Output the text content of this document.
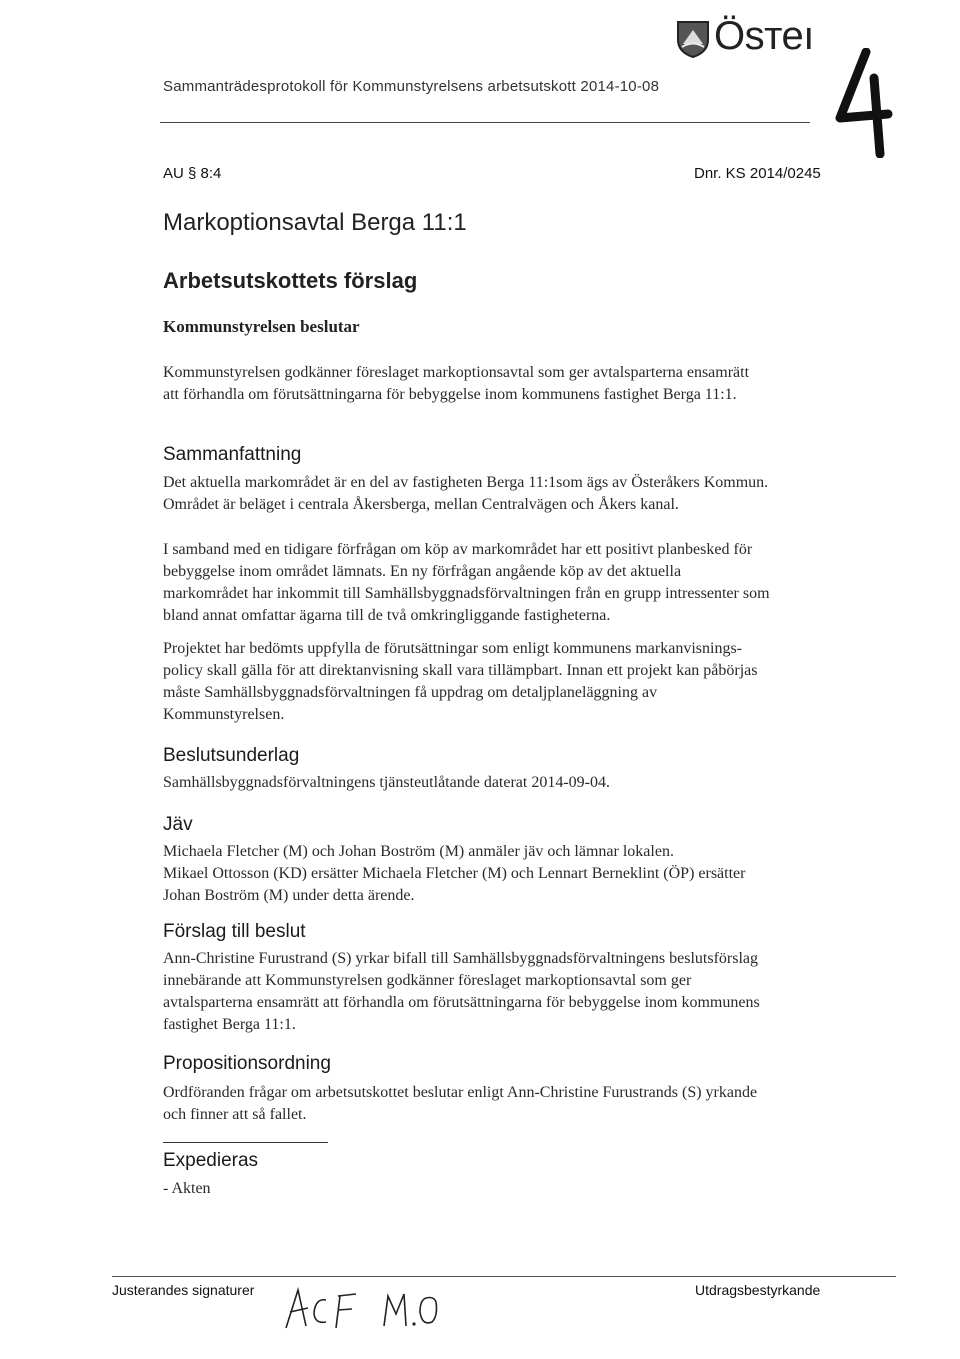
Sammanträdesprotokoll för Kommunstyrelsens arbetsutskott 2014-10-08
Ösтеı
AU § 8:4	Dnr. KS 2014/0245
Markoptionsavtal Berga 11:1
Arbetsutskottets förslag
Kommunstyrelsen beslutar
Kommunstyrelsen godkänner föreslaget markoptionsavtal som ger avtalsparterna ensamrätt
att förhandla om förutsättningarna för bebyggelse inom kommunens fastighet Berga 11:1.
Sammanfattning
Det aktuella markområdet är en del av fastigheten Berga 11:1som ägs av Österåkers Kommun.
Området är beläget i centrala Åkersberga, mellan Centralvägen och Åkers kanal.
I samband med en tidigare förfrågan om köp av markområdet har ett positivt planbesked för
bebyggelse inom området lämnats. En ny förfrågan angående köp av det aktuella
markområdet har inkommit till Samhällsbyggnadsförvaltningen från en grupp intressenter som
bland annat omfattar ägarna till de två omkringliggande fastigheterna.
Projektet har bedömts uppfylla de förutsättningar som enligt kommunens markanvisnings-
policy skall gälla för att direktanvisning skall vara tillämpbart. Innan ett projekt kan påbörjas
måste Samhällsbyggnadsförvaltningen få uppdrag om detaljplaneläggning av
Kommunstyrelsen.
Beslutsunderlag
Samhällsbyggnadsförvaltningens tjänsteutlåtande daterat 2014-09-04.
Jäv
Michaela Fletcher (M) och Johan Boström (M) anmäler jäv och lämnar lokalen.
Mikael Ottosson (KD) ersätter Michaela Fletcher (M) och Lennart Berneklint (ÖP) ersätter
Johan Boström (M) under detta ärende.
Förslag till beslut
Ann-Christine Furustrand (S) yrkar bifall till Samhällsbyggnadsförvaltningens beslutsförslag
innebärande att Kommunstyrelsen godkänner föreslaget markoptionsavtal som ger
avtalsparterna ensamrätt att förhandla om förutsättningarna för bebyggelse inom kommunens
fastighet Berga 11:1.
Propositionsordning
Ordföranden frågar om arbetsutskottet beslutar enligt Ann-Christine Furustrands (S) yrkande
och finner att så fallet.
Expedieras
- Akten
Justerandes signaturer	Utdragsbestyrkande
